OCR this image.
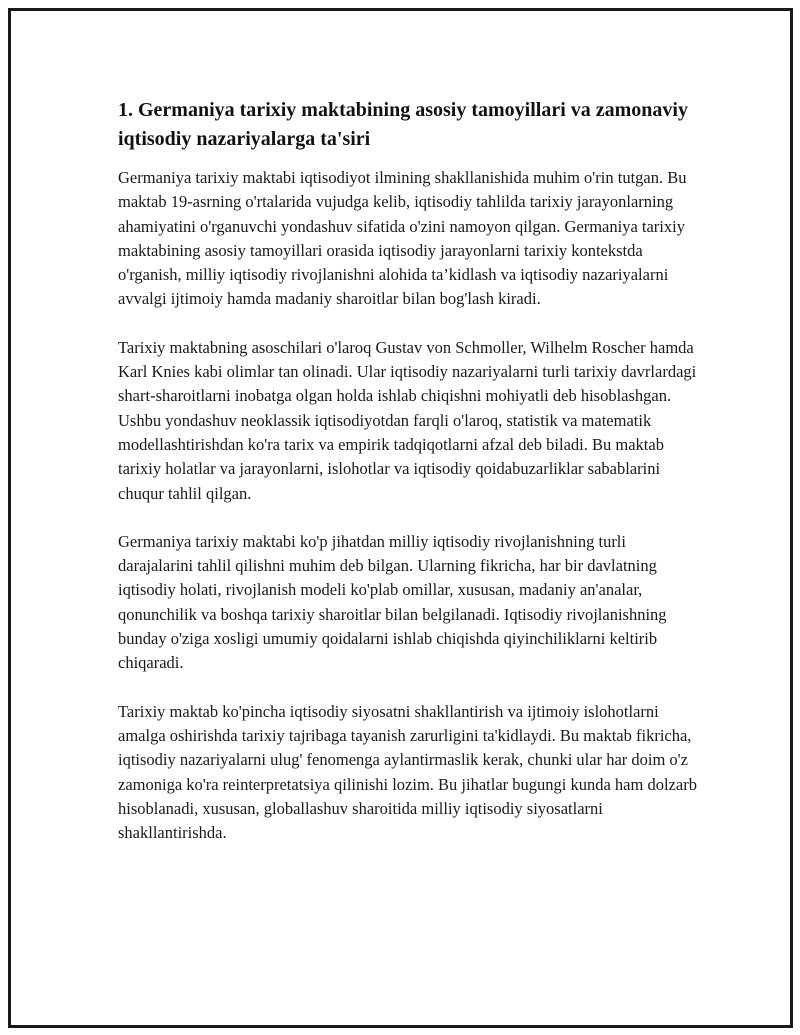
1. Germaniya tarixiy maktabining asosiy tamoyillari va zamonaviy iqtisodiy nazariyalarga ta'siri

Germaniya tarixiy maktabi iqtisodiyot ilmining shakllanishida muhim o'rin tutgan. Bu maktab 19-asrning o'rtalarida vujudga kelib, iqtisodiy tahlilda tarixiy jarayonlarning ahamiyatini o'rganuvchi yondashuv sifatida o'zini namoyon qilgan. Germaniya tarixiy maktabining asosiy tamoyillari orasida iqtisodiy jarayonlarni tarixiy kontekstda o'rganish, milliy iqtisodiy rivojlanishni alohida ta’kidlash va iqtisodiy nazariyalarni avvalgi ijtimoiy hamda madaniy sharoitlar bilan bog'lash kiradi.

Tarixiy maktabning asoschilari o'laroq Gustav von Schmoller, Wilhelm Roscher hamda Karl Knies kabi olimlar tan olinadi. Ular iqtisodiy nazariyalarni turli tarixiy davrlardagi shart-sharoitlarni inobatga olgan holda ishlab chiqishni mohiyatli deb hisoblashgan. Ushbu yondashuv neoklassik iqtisodiyotdan farqli o'laroq, statistik va matematik modellashtirishdan ko'ra tarix va empirik tadqiqotlarni afzal deb biladi. Bu maktab tarixiy holatlar va jarayonlarni, islohotlar va iqtisodiy qoidabuzarliklar sabablarini chuqur tahlil qilgan.

Germaniya tarixiy maktabi ko'p jihatdan milliy iqtisodiy rivojlanishning turli darajalarini tahlil qilishni muhim deb bilgan. Ularning fikricha, har bir davlatning iqtisodiy holati, rivojlanish modeli ko'plab omillar, xususan, madaniy an'analar, qonunchilik va boshqa tarixiy sharoitlar bilan belgilanadi. Iqtisodiy rivojlanishning bunday o'ziga xosligi umumiy qoidalarni ishlab chiqishda qiyinchiliklarni keltirib chiqaradi.

Tarixiy maktab ko'pincha iqtisodiy siyosatni shakllantirish va ijtimoiy islohotlarni amalga oshirishda tarixiy tajribaga tayanish zarurligini ta'kidlaydi. Bu maktab fikricha, iqtisodiy nazariyalarni ulug' fenomenga aylantirmaslik kerak, chunki ular har doim o'z zamoniga ko'ra reinterpretatsiya qilinishi lozim. Bu jihatlar bugungi kunda ham dolzarb hisoblanadi, xususan, globallashuv sharoitida milliy iqtisodiy siyosatlarni shakllantirishda.
